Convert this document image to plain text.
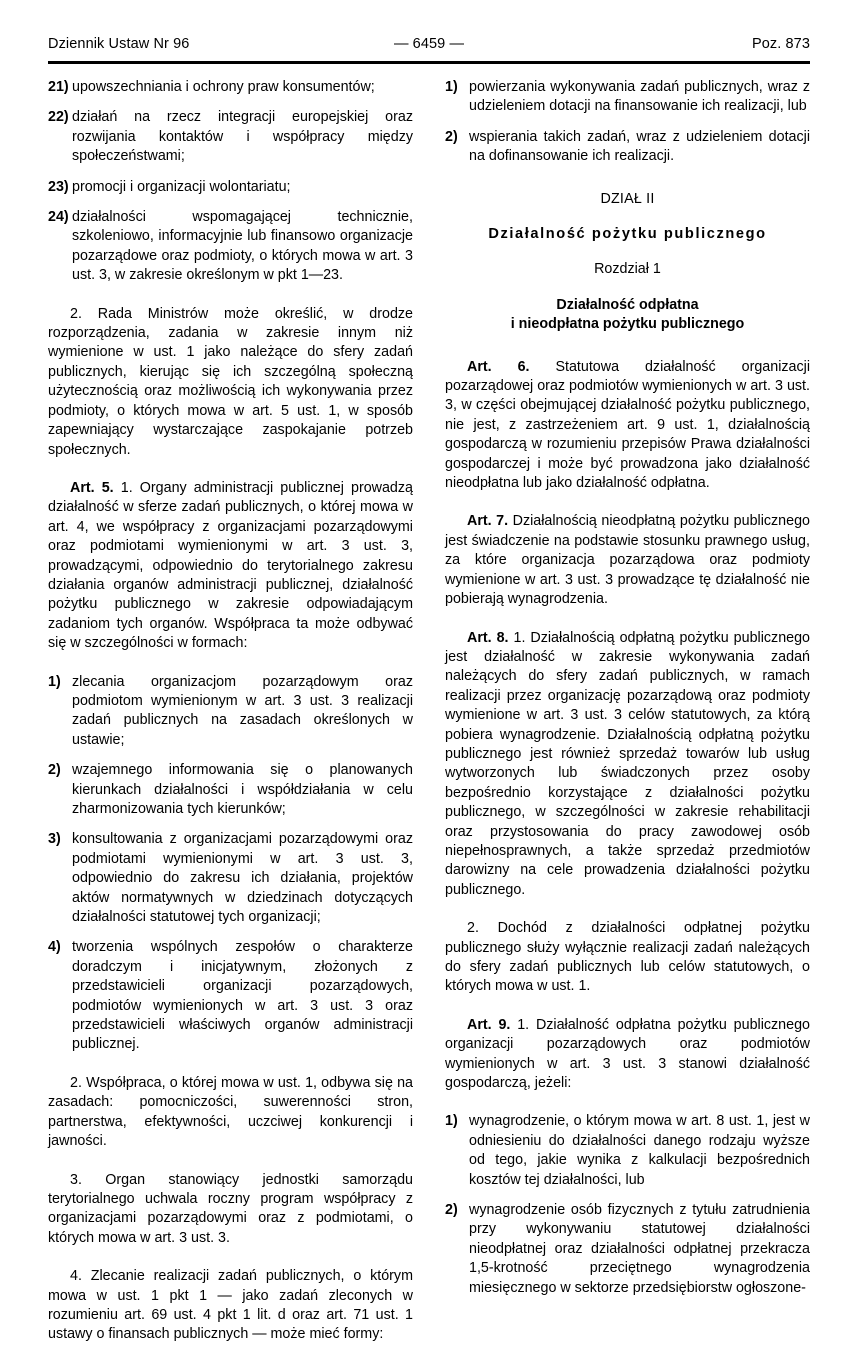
Dziennik Ustaw Nr 96	— 6459 —	Poz. 873
21) upowszechniania i ochrony praw konsumentów;
22) działań na rzecz integracji europejskiej oraz rozwijania kontaktów i współpracy między społeczeństwami;
23) promocji i organizacji wolontariatu;
24) działalności wspomagającej technicznie, szkoleniowo, informacyjnie lub finansowo organizacje pozarządowe oraz podmioty, o których mowa w art. 3 ust. 3, w zakresie określonym w pkt 1—23.

2. Rada Ministrów może określić, w drodze rozporządzenia, zadania w zakresie innym niż wymienione w ust. 1 jako należące do sfery zadań publicznych, kierując się ich szczególną społeczną użytecznością oraz możliwością ich wykonywania przez podmioty, o których mowa w art. 5 ust. 1, w sposób zapewniający wystarczające zaspokajanie potrzeb społecznych.

Art. 5. 1. Organy administracji publicznej prowadzą działalność w sferze zadań publicznych, o której mowa w art. 4, we współpracy z organizacjami pozarządowymi oraz podmiotami wymienionymi w art. 3 ust. 3, prowadzącymi, odpowiednio do terytorialnego zakresu działania organów administracji publicznej, działalność pożytku publicznego w zakresie odpowiadającym zadaniom tych organów. Współpraca ta może odbywać się w szczególności w formach:

1) zlecania organizacjom pozarządowym oraz podmiotom wymienionym w art. 3 ust. 3 realizacji zadań publicznych na zasadach określonych w ustawie;
2) wzajemnego informowania się o planowanych kierunkach działalności i współdziałania w celu zharmonizowania tych kierunków;
3) konsultowania z organizacjami pozarządowymi oraz podmiotami wymienionymi w art. 3 ust. 3, odpowiednio do zakresu ich działania, projektów aktów normatywnych w dziedzinach dotyczących działalności statutowej tych organizacji;
4) tworzenia wspólnych zespołów o charakterze doradczym i inicjatywnym, złożonych z przedstawicieli organizacji pozarządowych, podmiotów wymienionych w art. 3 ust. 3 oraz przedstawicieli właściwych organów administracji publicznej.

2. Współpraca, o której mowa w ust. 1, odbywa się na zasadach: pomocniczości, suwerenności stron, partnerstwa, efektywności, uczciwej konkurencji i jawności.

3. Organ stanowiący jednostki samorządu terytorialnego uchwala roczny program współpracy z organizacjami pozarządowymi oraz z podmiotami, o których mowa w art. 3 ust. 3.

4. Zlecanie realizacji zadań publicznych, o którym mowa w ust. 1 pkt 1 — jako zadań zleconych w rozumieniu art. 69 ust. 4 pkt 1 lit. d oraz art. 71 ust. 1 ustawy o finansach publicznych — może mieć formy:

1) powierzania wykonywania zadań publicznych, wraz z udzieleniem dotacji na finansowanie ich realizacji, lub
2) wspierania takich zadań, wraz z udzieleniem dotacji na dofinansowanie ich realizacji.
DZIAŁ II
Działalność pożytku publicznego
Rozdział 1
Działalność odpłatna
i nieodpłatna pożytku publicznego

Art. 6. Statutowa działalność organizacji pozarządowej oraz podmiotów wymienionych w art. 3 ust. 3, w części obejmującej działalność pożytku publicznego, nie jest, z zastrzeżeniem art. 9 ust. 1, działalnością gospodarczą w rozumieniu przepisów Prawa działalności gospodarczej i może być prowadzona jako działalność nieodpłatna lub jako działalność odpłatna.

Art. 7. Działalnością nieodpłatną pożytku publicznego jest świadczenie na podstawie stosunku prawnego usług, za które organizacja pozarządowa oraz podmioty wymienione w art. 3 ust. 3 prowadzące tę działalność nie pobierają wynagrodzenia.

Art. 8. 1. Działalnością odpłatną pożytku publicznego jest działalność w zakresie wykonywania zadań należących do sfery zadań publicznych, w ramach realizacji przez organizację pozarządową oraz podmioty wymienione w art. 3 ust. 3 celów statutowych, za którą pobiera wynagrodzenie. Działalnością odpłatną pożytku publicznego jest również sprzedaż towarów lub usług wytworzonych lub świadczonych przez osoby bezpośrednio korzystające z działalności pożytku publicznego, w szczególności w zakresie rehabilitacji oraz przystosowania do pracy zawodowej osób niepełnosprawnych, a także sprzedaż przedmiotów darowizny na cele prowadzenia działalności pożytku publicznego.

2. Dochód z działalności odpłatnej pożytku publicznego służy wyłącznie realizacji zadań należących do sfery zadań publicznych lub celów statutowych, o których mowa w ust. 1.

Art. 9. 1. Działalność odpłatna pożytku publicznego organizacji pozarządowych oraz podmiotów wymienionych w art. 3 ust. 3 stanowi działalność gospodarczą, jeżeli:

1) wynagrodzenie, o którym mowa w art. 8 ust. 1, jest w odniesieniu do działalności danego rodzaju wyższe od tego, jakie wynika z kalkulacji bezpośrednich kosztów tej działalności, lub
2) wynagrodzenie osób fizycznych z tytułu zatrudnienia przy wykonywaniu statutowej działalności nieodpłatnej oraz działalności odpłatnej przekracza 1,5-krotność przeciętnego wynagrodzenia miesięcznego w sektorze przedsiębiorstw ogłoszone-
